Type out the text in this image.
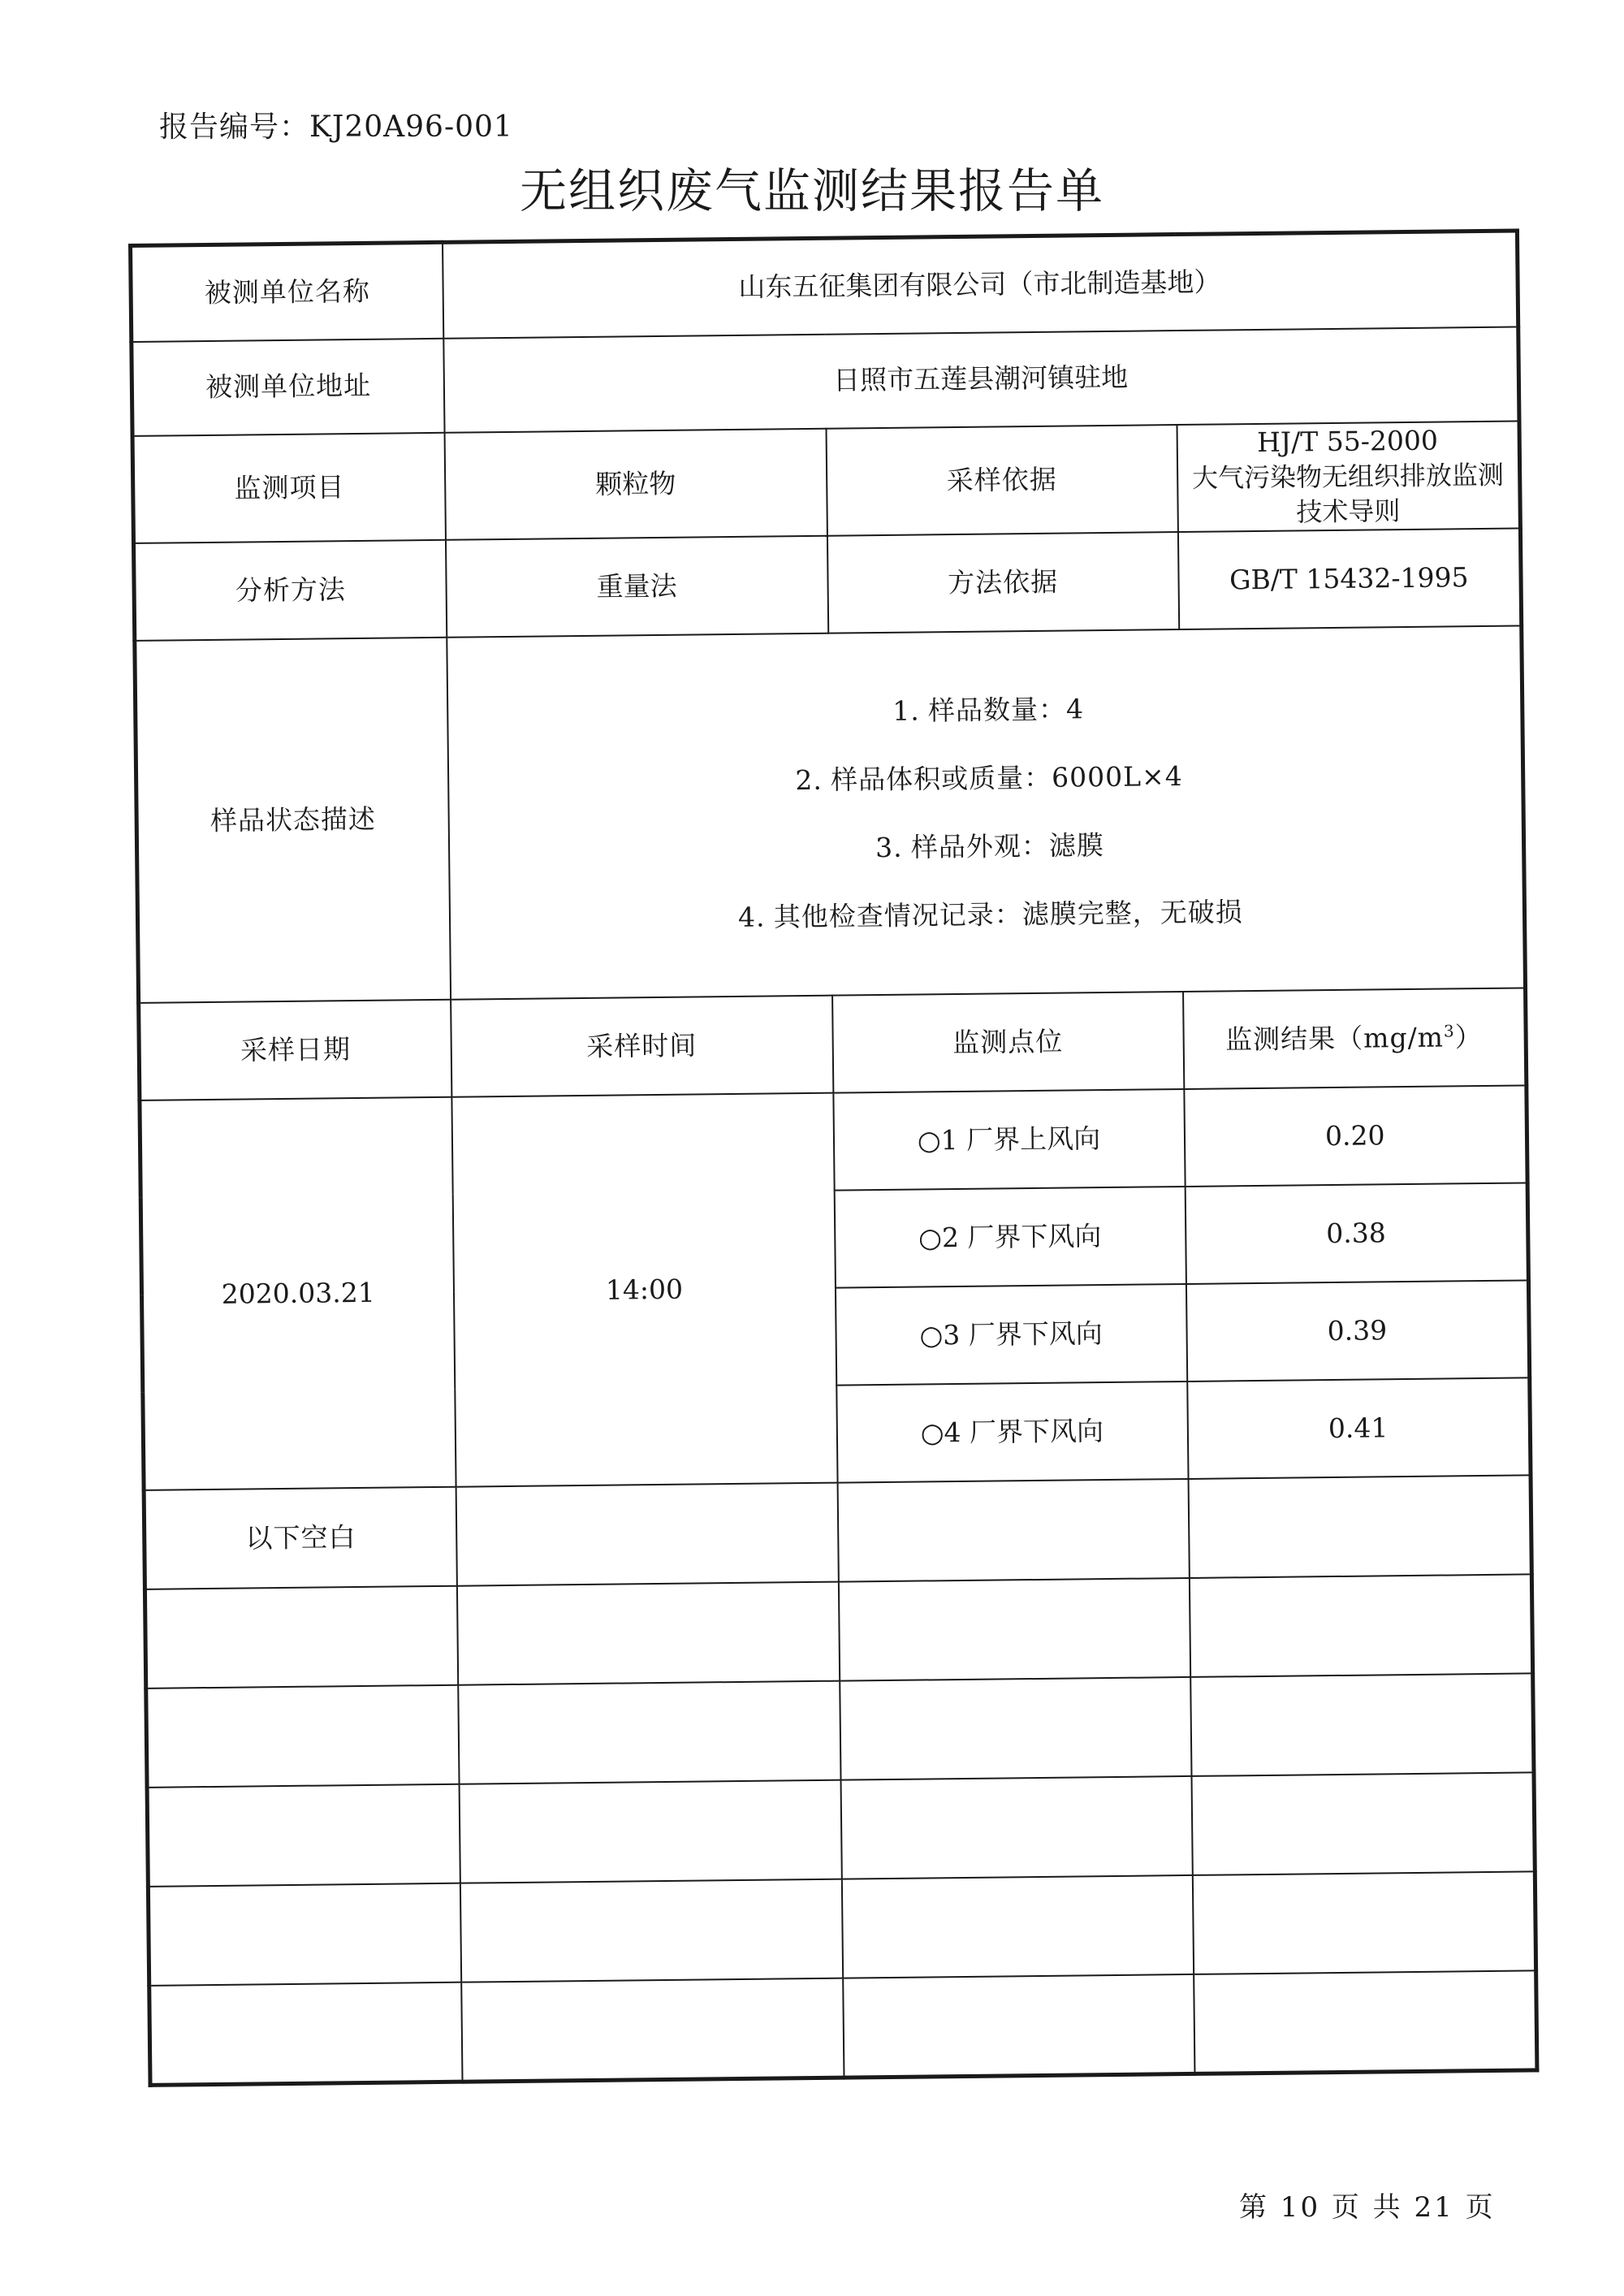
报告编号：KJ20A96-001
无组织废气监测结果报告单
被测单位名称	山东五征集团有限公司（市北制造基地）		
被测单位地址	日照市五莲县潮河镇驻地		
监测项目	颗粒物	采样依据	HJ/T 55-2000
大气污染物无组织排放监测技术导则

分析方法	重量法	方法依据	GB/T 15432-1995
样品状态描述	1. 样品数量：4
2. 样品体积或质量：6000L×4
3. 样品外观：滤膜
4. 其他检查情况记录：滤膜完整，无破损		

采样日期	采样时间	监测点位	监测结果$(mg/m^3)$
2020.03.21	14:00	○1 厂界上风向	0.20
		○2 厂界下风向	0.38
		○3 厂界下风向	0.39
		○4 厂界下风向	0.41
以下空白			

第 10 页 共 21 页
